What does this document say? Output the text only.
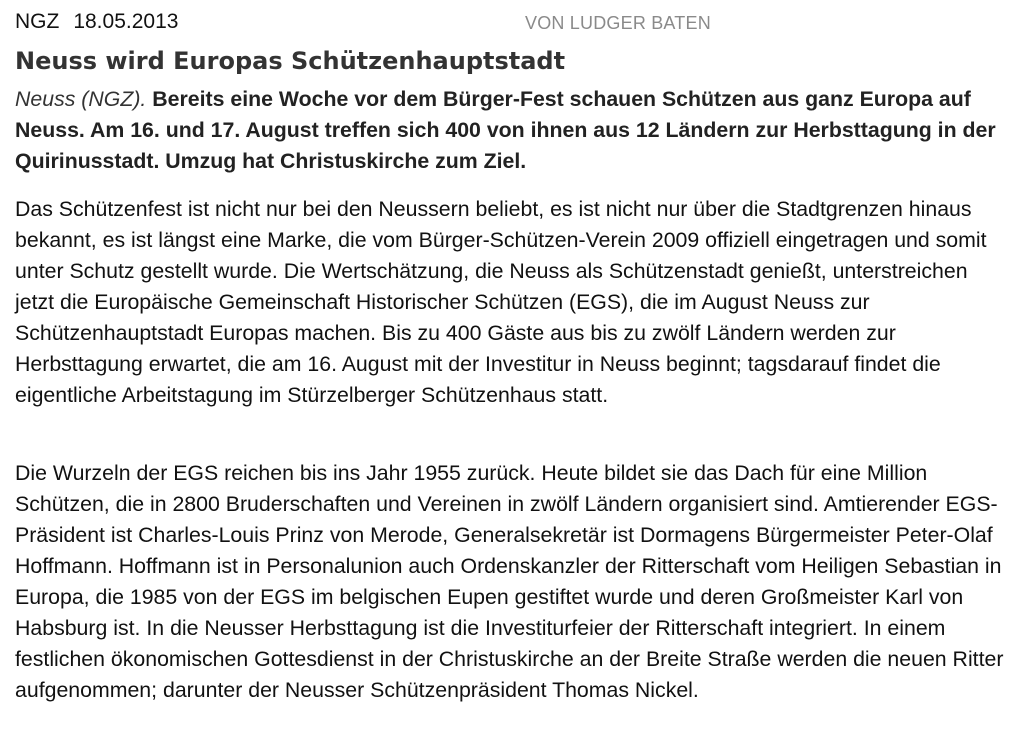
NGZ 18.05.2013	VON LUDGER BATEN
Neuss wird Europas Schützenhauptstadt

Neuss (NGZ). Bereits eine Woche vor dem Bürger-Fest schauen Schützen aus ganz Europa auf Neuss. Am 16. und 17. August treffen sich 400 von ihnen aus 12 Ländern zur Herbsttagung in der Quirinusstadt. Umzug hat Christuskirche zum Ziel.

Das Schützenfest ist nicht nur bei den Neussern beliebt, es ist nicht nur über die Stadtgrenzen hinaus bekannt, es ist längst eine Marke, die vom Bürger-Schützen-Verein 2009 offiziell eingetragen und somit unter Schutz gestellt wurde. Die Wertschätzung, die Neuss als Schützenstadt genießt, unterstreichen jetzt die Europäische Gemeinschaft Historischer Schützen (EGS), die im August Neuss zur Schützenhauptstadt Europas machen. Bis zu 400 Gäste aus bis zu zwölf Ländern werden zur Herbsttagung erwartet, die am 16. August mit der Investitur in Neuss beginnt; tagsdarauf findet die eigentliche Arbeitstagung im Stürzelberger Schützenhaus statt.

Die Wurzeln der EGS reichen bis ins Jahr 1955 zurück. Heute bildet sie das Dach für eine Million Schützen, die in 2800 Bruderschaften und Vereinen in zwölf Ländern organisiert sind. Amtierender EGS-Präsident ist Charles-Louis Prinz von Merode, Generalsekretär ist Dormagens Bürgermeister Peter-Olaf Hoffmann. Hoffmann ist in Personalunion auch Ordenskanzler der Ritterschaft vom Heiligen Sebastian in Europa, die 1985 von der EGS im belgischen Eupen gestiftet wurde und deren Großmeister Karl von Habsburg ist. In die Neusser Herbsttagung ist die Investiturfeier der Ritterschaft integriert. In einem festlichen ökonomischen Gottesdienst in der Christuskirche an der Breite Straße werden die neuen Ritter aufgenommen; darunter der Neusser Schützenpräsident Thomas Nickel.
